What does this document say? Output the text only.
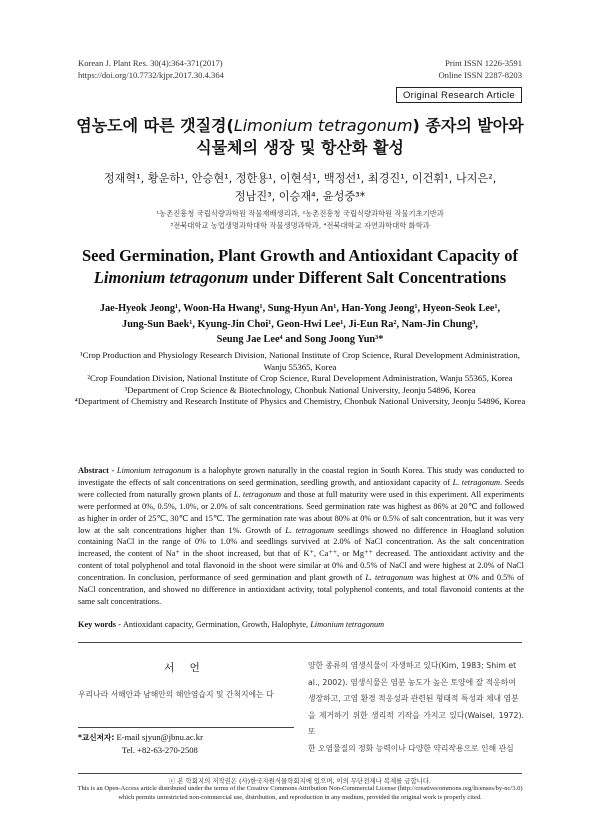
Korean J. Plant Res. 30(4):364-371(2017)
https://doi.org/10.7732/kjpr.2017.30.4.364
Print ISSN 1226-3591
Online ISSN 2287-8203
Original Research Article
염농도에 따른 갯질경(Limonium tetragonum) 종자의 발아와
식물체의 생장 및 항산화 활성
정재혁¹, 황운하¹, 안승현¹, 정한용¹, 이현석¹, 백정선¹, 최경진¹, 이건휘¹, 나지은²,
정남진³, 이승재⁴, 윤성중³*
¹농촌진흥청 국립식량과학원 작물재배생리과, ²농촌진흥청 국립식량과학원 작물기초기반과
³전북대학교 농업생명과학대학 작물생명과학과, ⁴전북대학교 자연과학대학 화학과
Seed Germination, Plant Growth and Antioxidant Capacity of
Limonium tetragonum under Different Salt Concentrations
Jae-Hyeok Jeong¹, Woon-Ha Hwang¹, Sung-Hyun An¹, Han-Yong Jeong¹, Hyeon-Seok Lee¹,
Jung-Sun Baek¹, Kyung-Jin Choi¹, Geon-Hwi Lee¹, Ji-Eun Ra², Nam-Jin Chung³,
Seung Jae Lee⁴ and Song Joong Yun³*
¹Crop Production and Physiology Research Division, National Institute of Crop Science, Rural Development Administration, Wanju 55365, Korea
²Crop Foundation Division, National Institute of Crop Science, Rural Development Administration, Wanju 55365, Korea
³Department of Crop Science & Biotechnology, Chonbuk National University, Jeonju 54896, Korea
⁴Department of Chemistry and Research Institute of Physics and Chemistry, Chonbuk National University, Jeonju 54896, Korea
Abstract - Limonium tetragonum is a halophyte grown naturally in the coastal region in South Korea. This study was conducted to investigate the effects of salt concentrations on seed germination, seedling growth, and antioxidant capacity of L. tetragonum. Seeds were collected from naturally grown plants of L. tetragonum and those at full maturity were used in this experiment. All experiments were performed at 0%, 0.5%, 1.0%, or 2.0% of salt concentrations. Seed germination rate was highest as 86% at 20℃ and followed as higher in order of 25℃, 30℃ and 15℃. The germination rate was about 80% at 0% or 0.5% of salt concentration, but it was very low at the salt concentrations higher than 1%. Growth of L. tetragonum seedlings showed no difference in Hoagland solution containing NaCl in the range of 0% to 1.0% and seedlings survived at 2.0% of NaCl concentration. As the salt concentration increased, the content of Na⁺ in the shoot increased, but that of K⁺, Ca⁺⁺, or Mg⁺⁺ decreased. The antioxidant activity and the content of total polyphenol and total flavonoid in the shoot were similar at 0% and 0.5% of NaCl and were highest at 2.0% of NaCl concentration. In conclusion, performance of seed germination and plant growth of L. tetragonum was highest at 0% and 0.5% of NaCl concentration, and showed no difference in antioxidant activity, total polyphenol contents, and total flavonoid contents at the same salt concentrations.
Key words - Antioxidant capacity, Germination, Growth, Halophyte, Limonium tetragonum
서 언
우리나라 서해안과 남해안의 해안염습지 및 간척지에는 다
양한 종류의 염생식물이 자생하고 있다(Kim, 1983; Shim et
al., 2002). 염생식물은 염분 농도가 높은 토양에 잘 적응하여
생장하고, 고염 환경 적응성과 관련된 형태적 특성과 체내 염분
을 제거하기 위한 생리적 기작을 가지고 있다(Waisel, 1972). 또
한 오염물질의 정화 능력이나 다양한 약리작용으로 인해 관심
*교신저자: E-mail sjyun@jbnu.ac.kr
Tel. +82-63-270-2508
ⓒ 본 학회지의 저작권은 (사)한국자원식물학회지에 있으며, 이의 무단전재나 복제를 금합니다.
This is an Open-Access article distributed under the terms of the Creative Commons Attribution Non-Commercial License (http://creativecommons.org/licenses/by-nc/3.0)
which permits unrestricted non-commercial use, distribution, and reproduction in any medium, provided the original work is properly cited.
